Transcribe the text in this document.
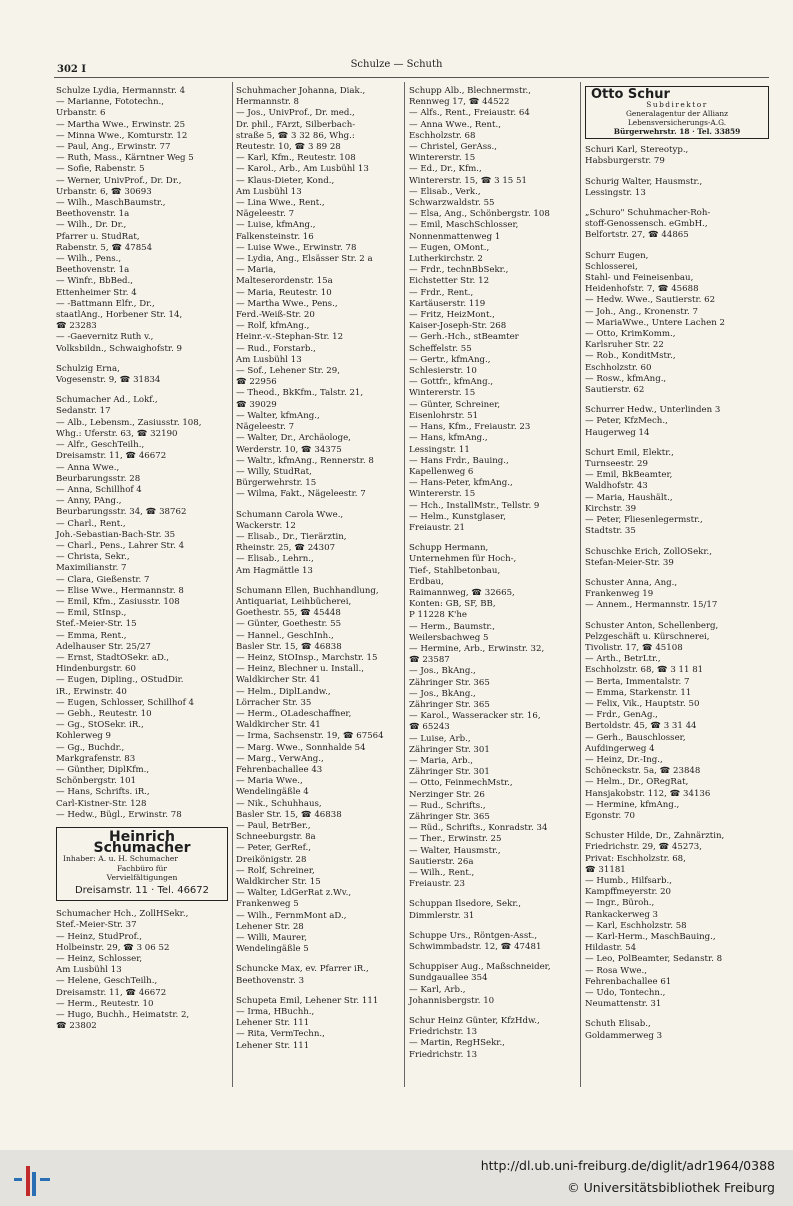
302 I	Schulze — Schuth
Schulze Lydia, Hermannstr. 4
— Marianne, Fototechn.,
Urbanstr. 6
— Martha Wwe., Erwinstr. 25
— Minna Wwe., Komturstr. 12
— Paul, Ang., Erwinstr. 77
— Ruth, Mass., Kärntner Weg 5
— Sofie, Rabenstr. 5
— Werner, UnivProf., Dr. Dr.,
Urbanstr. 6, ☎ 30693
— Wilh., MaschBaumstr.,
Beethovenstr. 1a
— Wilh., Dr. Dr.,
Pfarrer u. StudRat,
Rabenstr. 5, ☎ 47854
— Wilh., Pens.,
Beethovenstr. 1a
— Winfr., BbBed.,
Ettenheimer Str. 4
— -Battmann Elfr., Dr.,
staatlAng., Horbener Str. 14,
☎ 23283
— -Gaevernitz Ruth v.,
Volksbildn., Schwaighofstr. 9
Schulzig Erna,
Vogesenstr. 9, ☎ 31834
Schumacher Ad., Lokf.,
Sedanstr. 17
— Alb., Lebensm., Zasiusstr. 108,
Whg.: Uferstr. 63, ☎ 32190
— Alfr., GeschTeilh.,
Dreisamstr. 11, ☎ 46672
— Anna Wwe.,
Beurbarungsstr. 28
— Anna, Schillhof 4
— Anny, PAng.,
Beurbarungsstr. 34, ☎ 38762
— Charl., Rent.,
Joh.-Sebastian-Bach-Str. 35
— Charl., Pens., Lahrer Str. 4
— Christa, Sekr.,
Maximilianstr. 7
— Clara, Gießenstr. 7
— Elise Wwe., Hermannstr. 8
— Emil, Kfm., Zasiusstr. 108
— Emil, StInsp.,
Stef.-Meier-Str. 15
— Emma, Rent.,
Adelhauser Str. 25/27
— Ernst, StadtOSekr. aD.,
Hindenburgstr. 60
— Eugen, Dipling., OStudDir.
iR., Erwinstr. 40
— Eugen, Schlosser, Schillhof 4
— Gebh., Reutestr. 10
— Gg., StOSekr. iR.,
Kohlerweg 9
— Gg., Buchdr.,
Markgrafenstr. 83
— Günther, DiplKfm.,
Schönbergstr. 101
— Hans, Schrifts. iR.,
Carl-Kistner-Str. 128
— Hedw., Bügl., Erwinstr. 78
Heinrich Schumacher
Inhaber: A. u. H. Schumacher
Fachbüro für
Vervielfältigungen
Dreisamstr. 11 · Tel. 46672
Schumacher Hch., ZollHSekr.,
Stef.-Meier-Str. 37
— Heinz, StudProf.,
Holbeinstr. 29, ☎ 3 06 52
— Heinz, Schlosser,
Am Lusbühl 13
— Helene, GeschTeilh.,
Dreisamstr. 11, ☎ 46672
— Herm., Reutestr. 10
— Hugo, Buchh., Heimatstr. 2,
☎ 23802
Schuhmacher Johanna, Diak.,
Hermannstr. 8
— Jos., UnivProf., Dr. med.,
Dr. phil., FArzt, Silberbach-
straße 5, ☎ 3 32 86, Whg.:
Reutestr. 10, ☎ 3 89 28
— Karl, Kfm., Reutestr. 108
— Karol., Arb., Am Lusbühl 13
— Klaus-Dieter, Kond.,
Am Lusbühl 13
— Lina Wwe., Rent.,
Nägeleestr. 7
— Luise, kfmAng.,
Falkensteinstr. 16
— Luise Wwe., Erwinstr. 78
— Lydia, Ang., Elsässer Str. 2 a
— Maria,
Malteserordenstr. 15a
— Maria, Reutestr. 10
— Martha Wwe., Pens.,
Ferd.-Weiß-Str. 20
— Rolf, kfmAng.,
Heinr.-v.-Stephan-Str. 12
— Rud., Forstarb.,
Am Lusbühl 13
— Sof., Lehener Str. 29,
☎ 22956
— Theod., BkKfm., Talstr. 21,
☎ 39029
— Walter, kfmAng.,
Nägeleestr. 7
— Walter, Dr., Archäologe,
Werderstr. 10, ☎ 34375
— Waltr., kfmAng., Rennerstr. 8
— Willy, StudRat,
Bürgerwehrstr. 15
— Wilma, Fakt., Nägeleestr. 7
Schumann Carola Wwe.,
Wackerstr. 12
— Elisab., Dr., Tierärztin,
Rheinstr. 25, ☎ 24307
— Elisab., Lehrn.,
Am Hagmättle 13
Schumann Ellen, Buchhandlung,
Antiquariat, Leihbücherei,
Goethestr. 55, ☎ 45448
— Günter, Goethestr. 55
— Hannel., GeschInh.,
Basler Str. 15, ☎ 46838
— Heinz, StOInsp., Marchstr. 15
— Heinz, Blechner u. Install.,
Waldkircher Str. 41
— Helm., DiplLandw.,
Lörracher Str. 35
— Herm., OLadeschaffner,
Waldkircher Str. 41
— Irma, Sachsenstr. 19, ☎ 67564
— Marg. Wwe., Sonnhalde 54
— Marg., VerwAng.,
Fehrenbachallee 43
— Maria Wwe.,
Wendelingäßle 4
— Nik., Schuhhaus,
Basler Str. 15, ☎ 46838
— Paul, BetrBer.,
Schneeburgstr. 8a
— Peter, GerRef.,
Dreikönigstr. 28
— Rolf, Schreiner,
Waldkircher Str. 15
— Walter, LdGerRat z.Wv.,
Frankenweg 5
— Wilh., FernmMont aD.,
Lehener Str. 28
— Willi, Maurer,
Wendelingäßle 5
Schuncke Max, ev. Pfarrer iR.,
Beethovenstr. 3
Schupeta Emil, Lehener Str. 111
— Irma, HBuchh.,
Lehener Str. 111
— Rita, VermTechn.,
Lehener Str. 111
Schupp Alb., Blechnermstr.,
Rennweg 17, ☎ 44522
— Alfs., Rent., Freiaustr. 64
— Anna Wwe., Rent.,
Eschholzstr. 68
— Christel, GerAss.,
Wintererstr. 15
— Ed., Dr., Kfm.,
Wintererstr. 15, ☎ 3 15 51
— Elisab., Verk.,
Schwarzwaldstr. 55
— Elsa, Ang., Schönbergstr. 108
— Emil, MaschSchlosser,
Nonnenmattenweg 1
— Eugen, OMont.,
Lutherkirchstr. 2
— Frdr., technBbSekr.,
Eichstetter Str. 12
— Frdr., Rent.,
Kartäuserstr. 119
— Fritz, HeizMont.,
Kaiser-Joseph-Str. 268
— Gerh.-Hch., stBeamter
Scheffelstr. 55
— Gertr., kfmAng.,
Schlesierstr. 10
— Gottfr., kfmAng.,
Wintererstr. 15
— Günter, Schreiner,
Eisenlohrstr. 51
— Hans, Kfm., Freiaustr. 23
— Hans, kfmAng.,
Lessingstr. 11
— Hans Frdr., Bauing.,
Kapellenweg 6
— Hans-Peter, kfmAng.,
Wintererstr. 15
— Hch., InstallMstr., Tellstr. 9
— Helm., Kunstglaser,
Freiaustr. 21
Schupp Hermann,
Unternehmen für Hoch-,
Tief-, Stahlbetonbau,
Erdbau,
Raimannweg, ☎ 32665,
Konten: GB, SF, BB,
P 11228 K'he
— Herm., Baumstr.,
Weilersbachweg 5
— Hermine, Arb., Erwinstr. 32,
☎ 23587
— Jos., BkAng.,
Zähringer Str. 365
— Jos., BkAng.,
Zähringer Str. 365
— Karol., Wasseracker str. 16,
☎ 65243
— Luise, Arb.,
Zähringer Str. 301
— Maria, Arb.,
Zähringer Str. 301
— Otto, FeinmechMstr.,
Nerzinger Str. 26
— Rud., Schrifts.,
Zähringer Str. 365
— Rüd., Schrifts., Konradstr. 34
— Ther., Erwinstr. 25
— Walter, Hausmstr.,
Sautierstr. 26a
— Wilh., Rent.,
Freiaustr. 23
Schuppan Ilsedore, Sekr.,
Dimmlerstr. 31
Schuppe Urs., Röntgen-Asst.,
Schwimmbadstr. 12, ☎ 47481
Schuppiser Aug., Maßschneider,
Sundgauallee 354
— Karl, Arb.,
Johannisbergstr. 10
Schur Heinz Günter, KfzHdw.,
Friedrichstr. 13
— Martin, RegHSekr.,
Friedrichstr. 13
Otto Schur
Subdirektor
Generalagentur der Allianz
Lebensversicherungs-A.G.
Bürgerwehrstr. 18 · Tel. 33859
Schuri Karl, Stereotyp.,
Habsburgerstr. 79
Schurig Walter, Hausmstr.,
Lessingstr. 13
„Schuro" Schuhmacher-Roh-
stoff-Genossensch. eGmbH.,
Belfortstr. 27, ☎ 44865
Schurr Eugen,
Schlosserei,
Stahl- und Feineisenbau,
Heidenhofstr. 7, ☎ 45688
— Hedw. Wwe., Sautierstr. 62
— Joh., Ang., Kronenstr. 7
— MariaWwe., Untere Lachen 2
— Otto, KrimKomm.,
Karlsruher Str. 22
— Rob., KonditMstr.,
Eschholzstr. 60
— Rosw., kfmAng.,
Sautierstr. 62
Schurrer Hedw., Unterlinden 3
— Peter, KfzMech.,
Haugerweg 14
Schurt Emil, Elektr.,
Turnseestr. 29
— Emil, BkBeamter,
Waldhofstr. 43
— Maria, Haushält.,
Kirchstr. 39
— Peter, Fliesenlegermstr.,
Stadtstr. 35
Schuschke Erich, ZollOSekr.,
Stefan-Meier-Str. 39
Schuster Anna, Ang.,
Frankenweg 19
— Annem., Hermannstr. 15/17
Schuster Anton, Schellenberg,
Pelzgeschäft u. Kürschnerei,
Tivolistr. 17, ☎ 45108
— Arth., BetrLtr.,
Eschholzstr. 68, ☎ 3 11 81
— Berta, Immentalstr. 7
— Emma, Starkenstr. 11
— Felix, Vik., Hauptstr. 50
— Frdr., GenAg.,
Bertoldstr. 45, ☎ 3 31 44
— Gerh., Bauschlosser,
Aufdingerweg 4
— Heinz, Dr.-Ing.,
Schöneckstr. 5a, ☎ 23848
— Helm., Dr., ORegRat,
Hansjakobstr. 112, ☎ 34136
— Hermine, kfmAng.,
Egonstr. 70
Schuster Hilde, Dr., Zahnärztin,
Friedrichstr. 29, ☎ 45273,
Privat: Eschholzstr. 68,
☎ 31181
— Humb., Hilfsarb.,
Kampffmeyerstr. 20
— Ingr., Büroh.,
Rankackerweg 3
— Karl, Eschholzstr. 58
— Karl-Herm., MaschBauing.,
Hildastr. 54
— Leo, PolBeamter, Sedanstr. 8
— Rosa Wwe.,
Fehrenbachallee 61
— Udo, Tontechn.,
Neumattenstr. 31
Schuth Elisab.,
Goldammerweg 3
http://dl.ub.uni-freiburg.de/diglit/adr1964/0388
© Universitätsbibliothek Freiburg
